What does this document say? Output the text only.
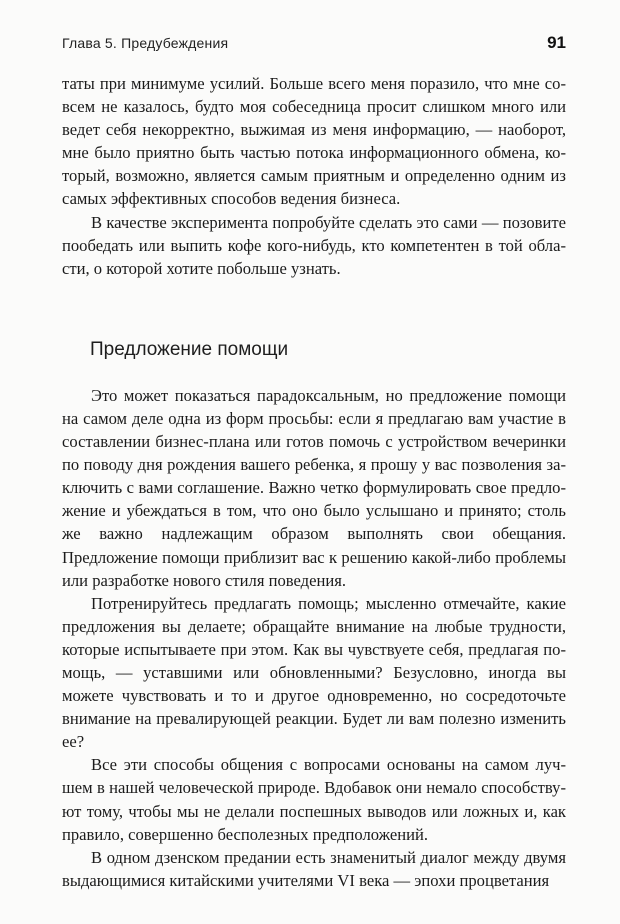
Глава 5. Предубеждения	91

таты при минимуме усилий. Больше всего меня поразило, что мне совсем не казалось, будто моя собеседница просит слишком много или ведет себя некорректно, выжимая из меня информацию, — наоборот, мне было приятно быть частью потока информационного обмена, который, возможно, является самым приятным и определенно одним из самых эффективных способов ведения бизнеса.

В качестве эксперимента попробуйте сделать это сами — позовите пообедать или выпить кофе кого-нибудь, кто компетентен в той области, о которой хотите побольше узнать.

Предложение помощи

Это может показаться парадоксальным, но предложение помощи на самом деле одна из форм просьбы: если я предлагаю вам участие в составлении бизнес-плана или готов помочь с устройством вечеринки по поводу дня рождения вашего ребенка, я прошу у вас позволения заключить с вами соглашение. Важно четко формулировать свое предложение и убеждаться в том, что оно было услышано и принято; столь же важно надлежащим образом выполнять свои обещания. Предложение помощи приблизит вас к решению какой-либо проблемы или разработке нового стиля поведения.

Потренируйтесь предлагать помощь; мысленно отмечайте, какие предложения вы делаете; обращайте внимание на любые трудности, которые испытываете при этом. Как вы чувствуете себя, предлагая помощь, — уставшими или обновленными? Безусловно, иногда вы можете чувствовать и то и другое одновременно, но сосредоточьте внимание на превалирующей реакции. Будет ли вам полезно изменить ее?

Все эти способы общения с вопросами основаны на самом лучшем в нашей человеческой природе. Вдобавок они немало способствуют тому, чтобы мы не делали поспешных выводов или ложных и, как правило, совершенно бесполезных предположений.

В одном дзенском предании есть знаменитый диалог между двумя выдающимися китайскими учителями VI века — эпохи процветания
